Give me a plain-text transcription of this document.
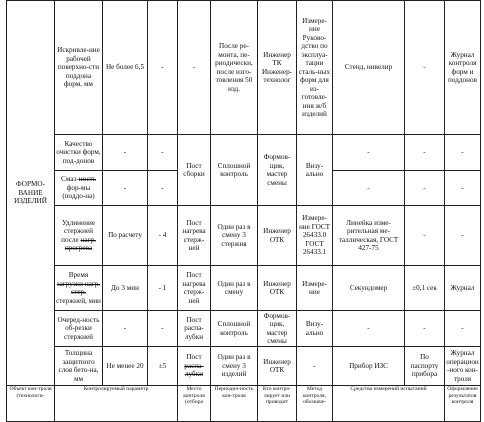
ФОРМО-
ВАНИЕ
ИЗДЕЛИЙ	Искривле-ние рабочей поверхно-сти поддона форм, мм	Не более 6,5	-	-	После ре-монта, пе-риодически, после изго-товления 50 изд.	Инженер ТК Инженер-технолог	Измере-ние Руково-дство по эксплуа-тации сталь-ных форм для из-готовле-ния ж/б изделий	Стенд, нивелир	-	Журнал контроля форм и поддонов
	Качество очистки форм, под-донов	-	-	Пост сборки	Сплошной контроль	Формов-щик, мастер смены	Визу-ально	-	-	-
	Смаз-ность фор-мы (поддо-на)	-	-					-	-	-
	Удлинение стержней после нагр. прогрева	По расчету	- 4	Пост нагрева стерж-ней	Один раз в смену 3 стержня	Инженер ОТК	Измере-ние ГОСТ 26433.0 ГОСТ 26433.1	Линейка изме-рительная ме-таллическая, ГОСТ 427-75	-	-
	Время загрузки нагр. стер. стержней, мин	До 3 мин	- 1	Пост нагрева стерж-ней	Один раз в смену	Инженер ОТК	Измере-ние	Секундомер	±0,1 сек	Журнал
	Очеред-ность об-резки стержней	-	-	Пост распа-лубки	Сплошной контроль	Формов-щик, мастер смены	Визу-ально	-	-	-
	Толщина защитного слоя бето-на, мм	Не менее 20	±5	Пост распа-лубки	Один раз в смену 3 изделий	Инженер ОТК	-	Прибор ИЗС	По паспорту прибора	Журнал операцион-ного кон-троля
Объект кон-троля (технологи-	Контролируемый параметр			Место контроля (отбора	Периодич-ность кон-троля	Кто контро-лирует или проводит	Метод контроля, обозначе-	Средства измерений испытаний		Оформление результатов контроля
